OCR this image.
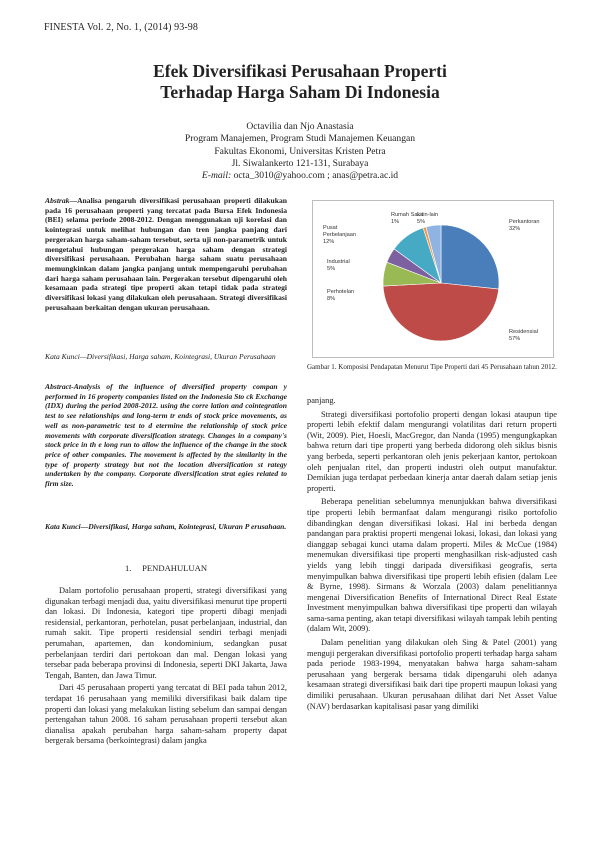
FINESTA Vol. 2, No. 1, (2014) 93-98
Efek Diversifikasi Perusahaan Properti
Terhadap Harga Saham Di Indonesia
Octavilia dan Njo Anastasia
Program Manajemen, Program Studi Manajemen Keuangan
Fakultas Ekonomi, Universitas Kristen Petra
Jl. Siwalankerto 121-131, Surabaya
E-mail: octa_3010@yahoo.com ; anas@petra.ac.id
Abstrak—Analisa pengaruh diversifikasi perusahaan properti dilakukan pada 16 perusahaan properti yang tercatat pada Bursa Efek Indonesia (BEI) selama periode 2008-2012. Dengan menggunakan uji korelasi dan kointegrasi untuk melihat hubungan dan tren jangka panjang dari pergerakan harga saham-saham tersebut, serta uji non-parametrik untuk mengetahui hubungan pergerakan harga saham dengan strategi diversifikasi perusahaan. Perubahan harga saham suatu perusahaan memungkinkan dalam jangka panjang untuk mempengaruhi perubahan dari harga saham perusahaan lain. Pergerakan tersebut dipengaruhi oleh kesamaan pada strategi tipe properti akan tetapi tidak pada strategi diversifikasi lokasi yang dilakukan oleh perusahaan. Strategi diversifikasi perusahaan berkaitan dengan ukuran perusahaan.
Kata Kunci—Diversifikasi, Harga saham, Kointegrasi, Ukuran Perusahaan
Abstract-Analysis of the influence of diversified property compan y performed in 16 property companies listed on the Indonesia Sto ck Exchange (IDX) during the period 2008-2012. using the corre lation and cointegration test to see relationships and long-term tr ends of stock price movements, as well as non-parametric test to d etermine the relationship of stock price movements with corporate diversification strategy. Changes in a company's stock price in th e long run to allow the influence of the change in the stock price of other companies. The movement is affected by the similarity in the type of property strategy but not the location diversification st rategy undertaken by the company. Corporate diversification strat egies related to firm size.
Kata Kunci—Diversifikasi, Harga saham, Kointegrasi, Ukuran P erusahaan.
1.     PENDAHULUAN

Dalam portofolio perusahaan properti, strategi diversifikasi yang digunakan terbagi menjadi dua, yaitu diversifikasi menurut tipe properti dan lokasi. Di Indonesia, kategori tipe properti dibagi menjadi residensial, perkantoran, perhotelan, pusat perbelanjaan, industrial, dan rumah sakit. Tipe properti residensial sendiri terbagi menjadi perumahan, apartemen, dan kondominium, sedangkan pusat perbelanjaan terdiri dari pertokoan dan mal. Dengan lokasi yang tersebar pada beberapa provinsi di Indonesia, seperti DKI Jakarta, Jawa Tengah, Banten, dan Jawa Timur.

Dari 45 perusahaan properti yang tercatat di BEI pada tahun 2012, terdapat 16 perusahaan yang memiliki diversifikasi baik dalam tipe properti dan lokasi yang melakukan listing sebelum dan sampai dengan pertengahan tahun 2008. 16 saham perusahaan properti tersebut akan dianalisa apakah perubahan harga saham-saham property dapat bergerak bersama (berkointegrasi) dalam jangka

Perkantoran
32%
Residensial
57%
Perhotelan
8%
Industrial
5%
Pusat
Perbelanjaan
12%
Rumah Sakit
1%
Lain-lain
5%
Gambar 1. Komposisi Pendapatan Menurut Tipe Properti dari 45 Perusahaan tahun 2012.

panjang.

Strategi diversifikasi portofolio properti dengan lokasi ataupun tipe properti lebih efektif dalam mengurangi volatilitas dari return properti (Wit, 2009). Piet, Hoesli, MacGregor, dan Nanda (1995) mengungkapkan bahwa return dari tipe properti yang berbeda didorong oleh siklus bisnis yang berbeda, seperti perkantoran oleh jenis pekerjaan kantor, pertokoan oleh penjualan ritel, dan properti industri oleh output manufaktur. Demikian juga terdapat perbedaan kinerja antar daerah dalam setiap jenis properti.

Beberapa penelitian sebelumnya menunjukkan bahwa diversifikasi tipe properti lebih bermanfaat dalam mengurangi risiko portofolio dibandingkan dengan diversifikasi lokasi. Hal ini berbeda dengan pandangan para praktisi properti mengenai lokasi, lokasi, dan lokasi yang dianggap sebagai kunci utama dalam properti. Miles & McCue (1984) menemukan diversifikasi tipe properti menghasilkan risk-adjusted cash yields yang lebih tinggi daripada diversifikasi geografis, serta menyimpulkan bahwa diversifikasi tipe properti lebih efisien (dalam Lee & Byrne, 1998). Sirmans & Worzala (2003) dalam penelitiannya mengenai Diversification Benefits of International Direct Real Estate Investment menyimpulkan bahwa diversifikasi tipe properti dan wilayah sama-sama penting, akan tetapi diversifikasi wilayah tampak lebih penting (dalam Wit, 2009).

Dalam penelitian yang dilakukan oleh Sing & Patel (2001) yang menguji pergerakan diversifikasi portofolio properti terhadap harga saham pada periode 1983-1994, menyatakan bahwa harga saham-saham perusahaan yang bergerak bersama tidak dipengaruhi oleh adanya kesamaan strategi diversifikasi baik dari tipe properti maupun lokasi yang dimiliki perusahaan. Ukuran perusahaan dilihat dari Net Asset Value (NAV) berdasarkan kapitalisasi pasar yang dimiliki
